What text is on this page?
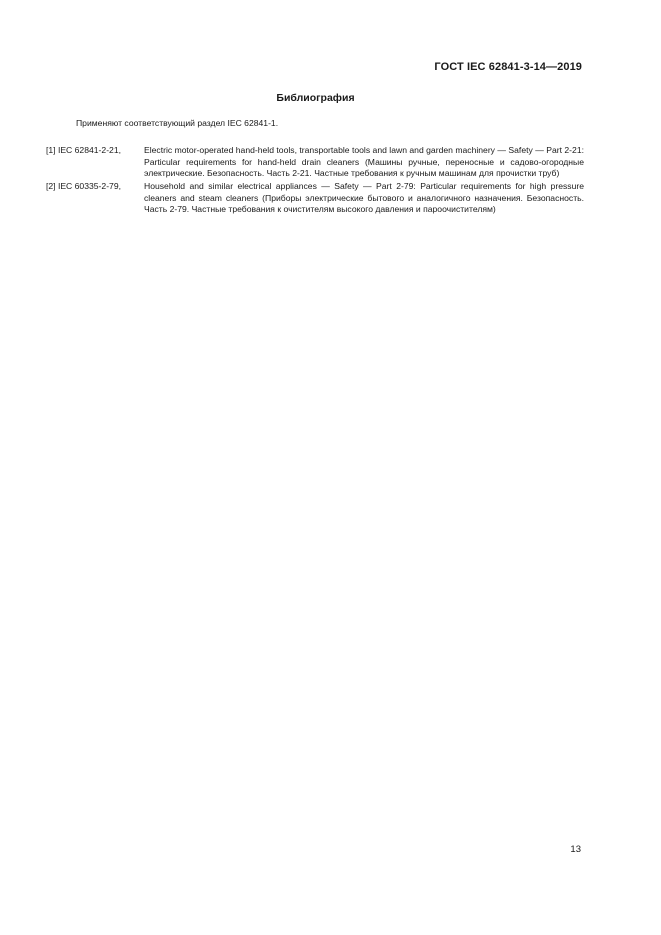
ГОСТ IEC 62841-3-14—2019
Библиография
Применяют соответствующий раздел IEC 62841-1.
[1] IEC 62841-2-21,	Electric motor-operated hand-held tools, transportable tools and lawn and garden machinery — Safety — Part 2-21: Particular requirements for hand-held drain cleaners (Машины ручные, переносные и садово-огородные электрические. Безопасность. Часть 2-21. Частные требования к ручным машинам для прочистки труб)
[2] IEC 60335-2-79,	Household and similar electrical appliances — Safety — Part 2-79: Particular requirements for high pressure cleaners and steam cleaners (Приборы электрические бытового и аналогичного назначения. Безопасность. Часть 2-79. Частные требования к очистителям высокого давления и пароочистителям)
13
